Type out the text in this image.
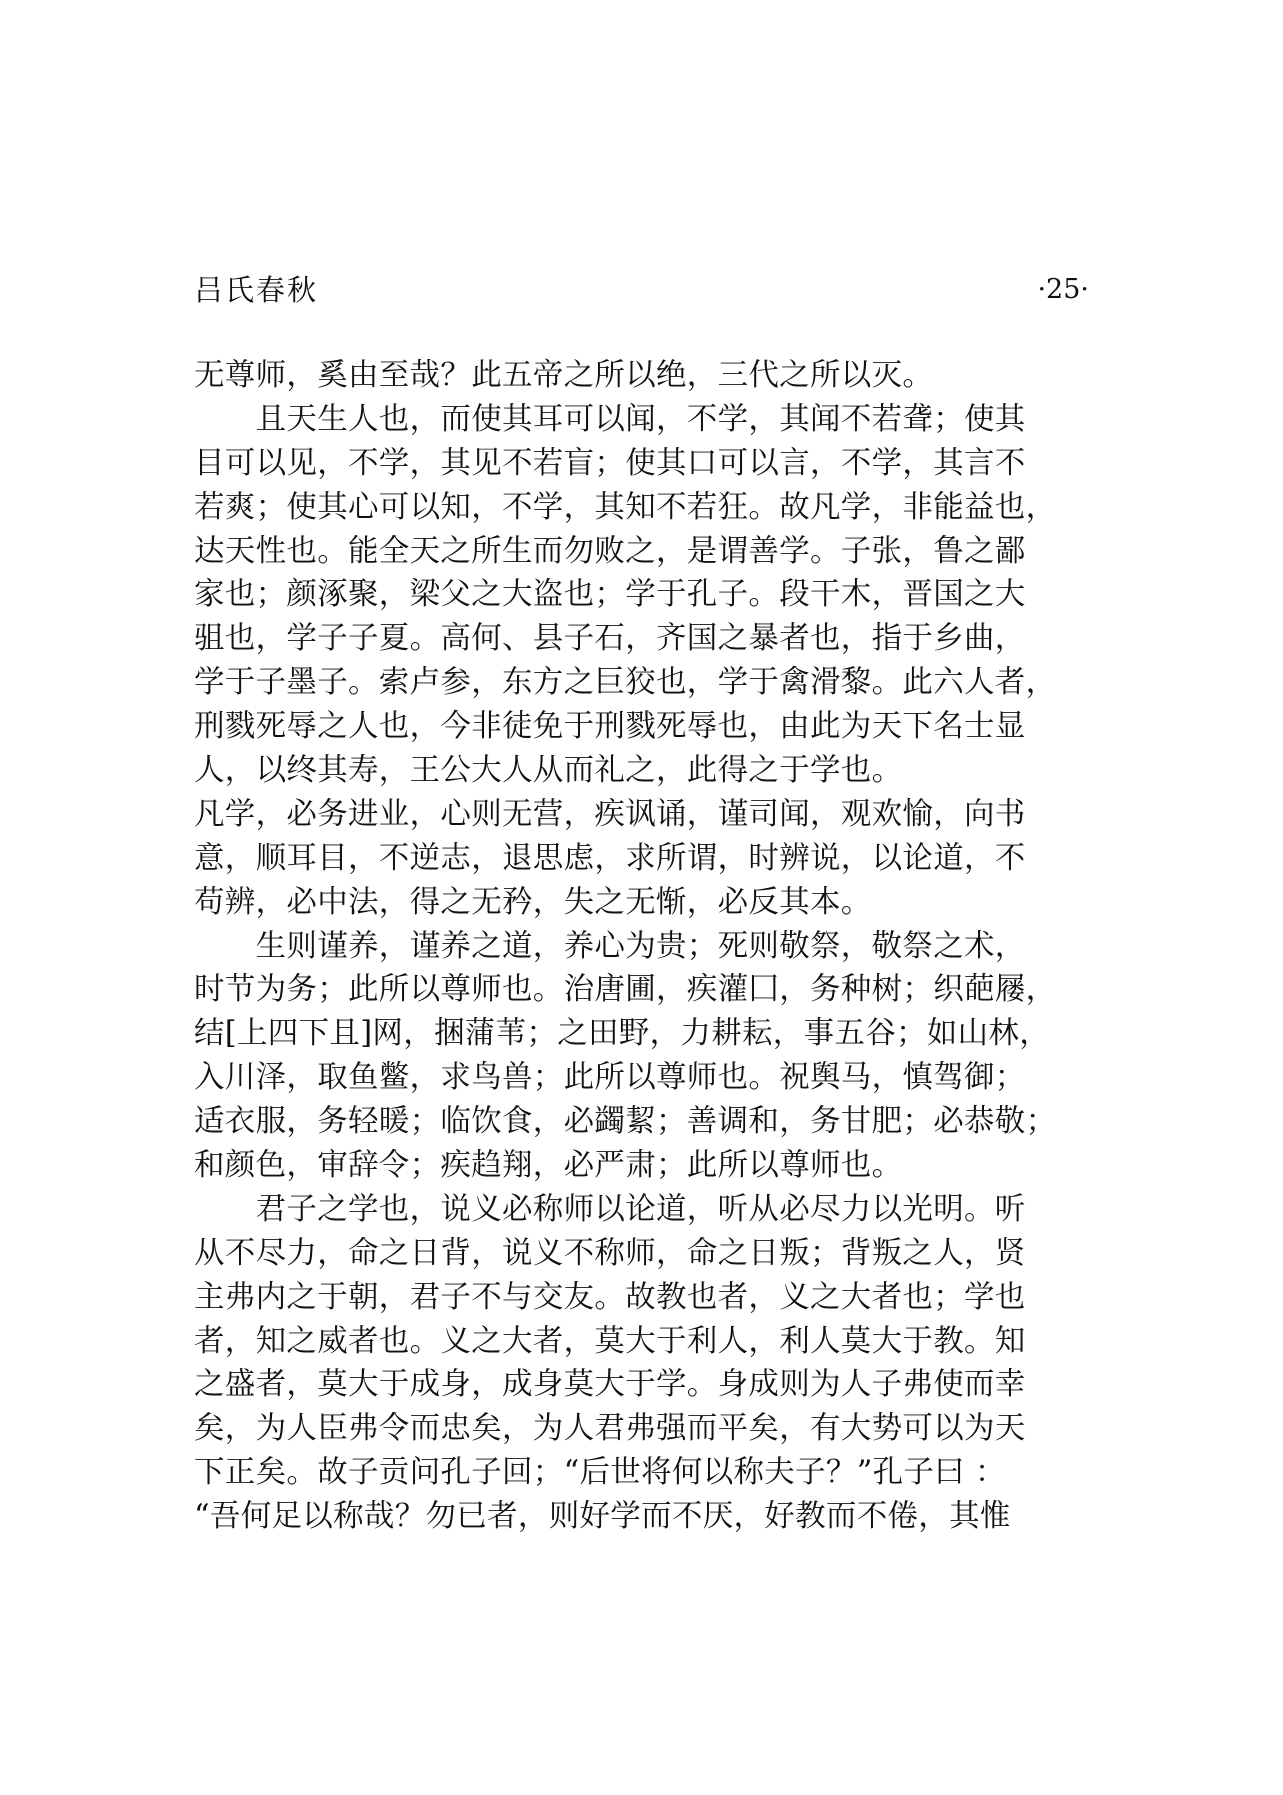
吕氏春秋	·25·
无尊师，奚由至哉？此五帝之所以绝，三代之所以灭。
　　且天生人也，而使其耳可以闻，不学，其闻不若聋；使其
目可以见，不学，其见不若盲；使其口可以言，不学，其言不
若爽；使其心可以知，不学，其知不若狂。故凡学，非能益也，
达天性也。能全天之所生而勿败之，是谓善学。子张，鲁之鄙
家也；颜涿聚，梁父之大盗也；学于孔子。段干木，晋国之大
驵也，学子子夏。高何、县子石，齐国之暴者也，指于乡曲，
学于子墨子。索卢参，东方之巨狡也，学于禽滑黎。此六人者，
刑戮死辱之人也，今非徒免于刑戮死辱也，由此为天下名士显
人，以终其寿，王公大人从而礼之，此得之于学也。
凡学，必务进业，心则无营，疾讽诵，谨司闻，观欢愉，向书
意，顺耳目，不逆志，退思虑，求所谓，时辨说，以论道，不
苟辨，必中法，得之无矜，失之无惭，必反其本。
　　生则谨养，谨养之道，养心为贵；死则敬祭，敬祭之术，
时节为务；此所以尊师也。治唐圃，疾灌囗，务种树；织葩屦，
结[上四下且]网，捆蒲苇；之田野，力耕耘，事五谷；如山林，
入川泽，取鱼鳖，求鸟兽；此所以尊师也。祝舆马，慎驾御；
适衣服，务轻暖；临饮食，必蠲絜；善调和，务甘肥；必恭敬；
和颜色，审辞令；疾趋翔，必严肃；此所以尊师也。
　　君子之学也，说义必称师以论道，听从必尽力以光明。听
从不尽力，命之日背，说义不称师，命之日叛；背叛之人，贤
主弗内之于朝，君子不与交友。故教也者，义之大者也；学也
者，知之威者也。义之大者，莫大于利人，利人莫大于教。知
之盛者，莫大于成身，成身莫大于学。身成则为人子弗使而幸
矣，为人臣弗令而忠矣，为人君弗强而平矣，有大势可以为天
下正矣。故子贡问孔子回；“后世将何以称夫子？”孔子曰 ：
“吾何足以称哉？勿已者，则好学而不厌，好教而不倦，其惟
